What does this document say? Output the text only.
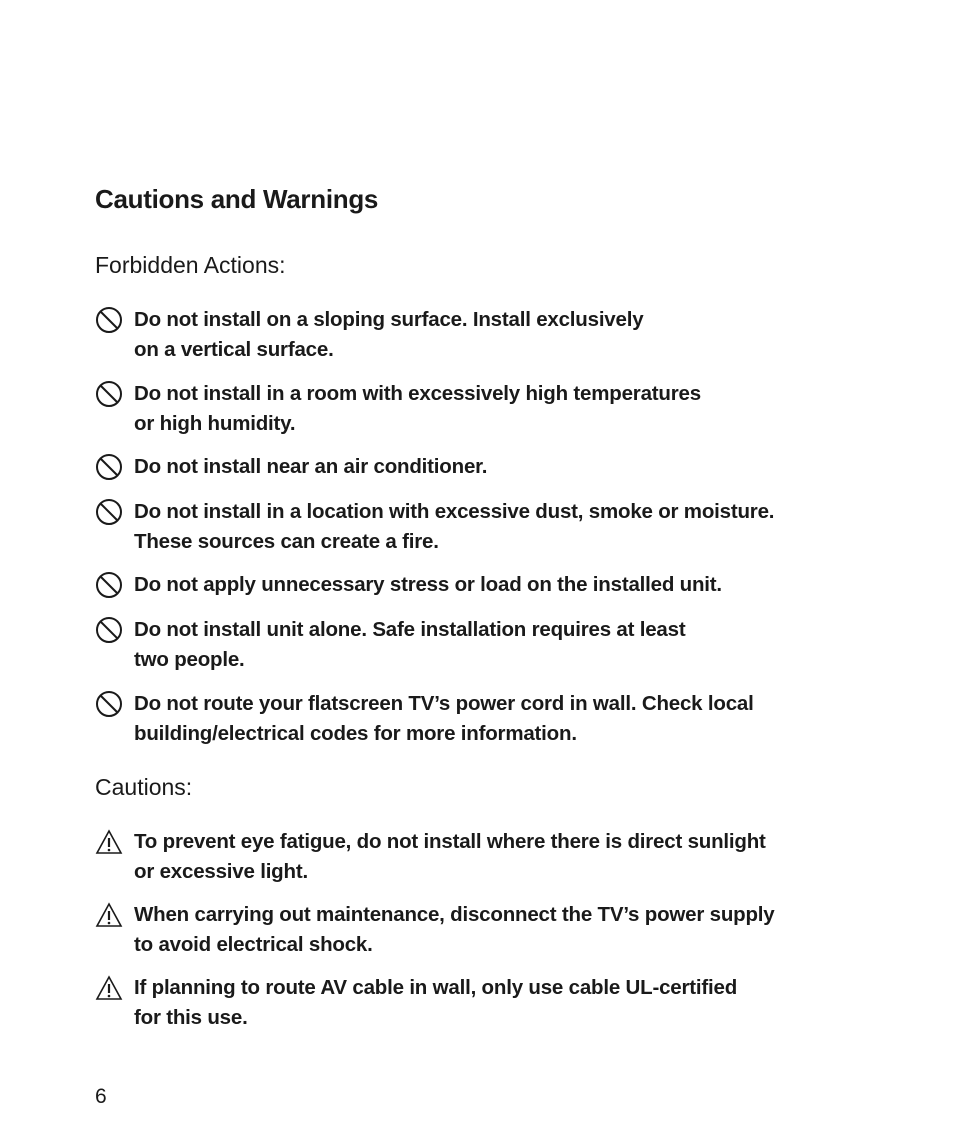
Cautions and Warnings
Forbidden Actions:
Do not install on a sloping surface. Install exclusively
on a vertical surface.
Do not install in a room with excessively high temperatures
or high humidity.
Do not install near an air conditioner.
Do not install in a location with excessive dust, smoke or moisture.
These sources can create a fire.
Do not apply unnecessary stress or load on the installed unit.
Do not install unit alone. Safe installation requires at least
two people.
Do not route your flatscreen TV’s power cord in wall. Check local
building/electrical codes for more information.
Cautions:
To prevent eye fatigue, do not install where there is direct sunlight
or excessive light.
When carrying out maintenance, disconnect the TV’s power supply
to avoid electrical shock.
If planning to route AV cable in wall, only use cable UL-certified
for this use.

6
